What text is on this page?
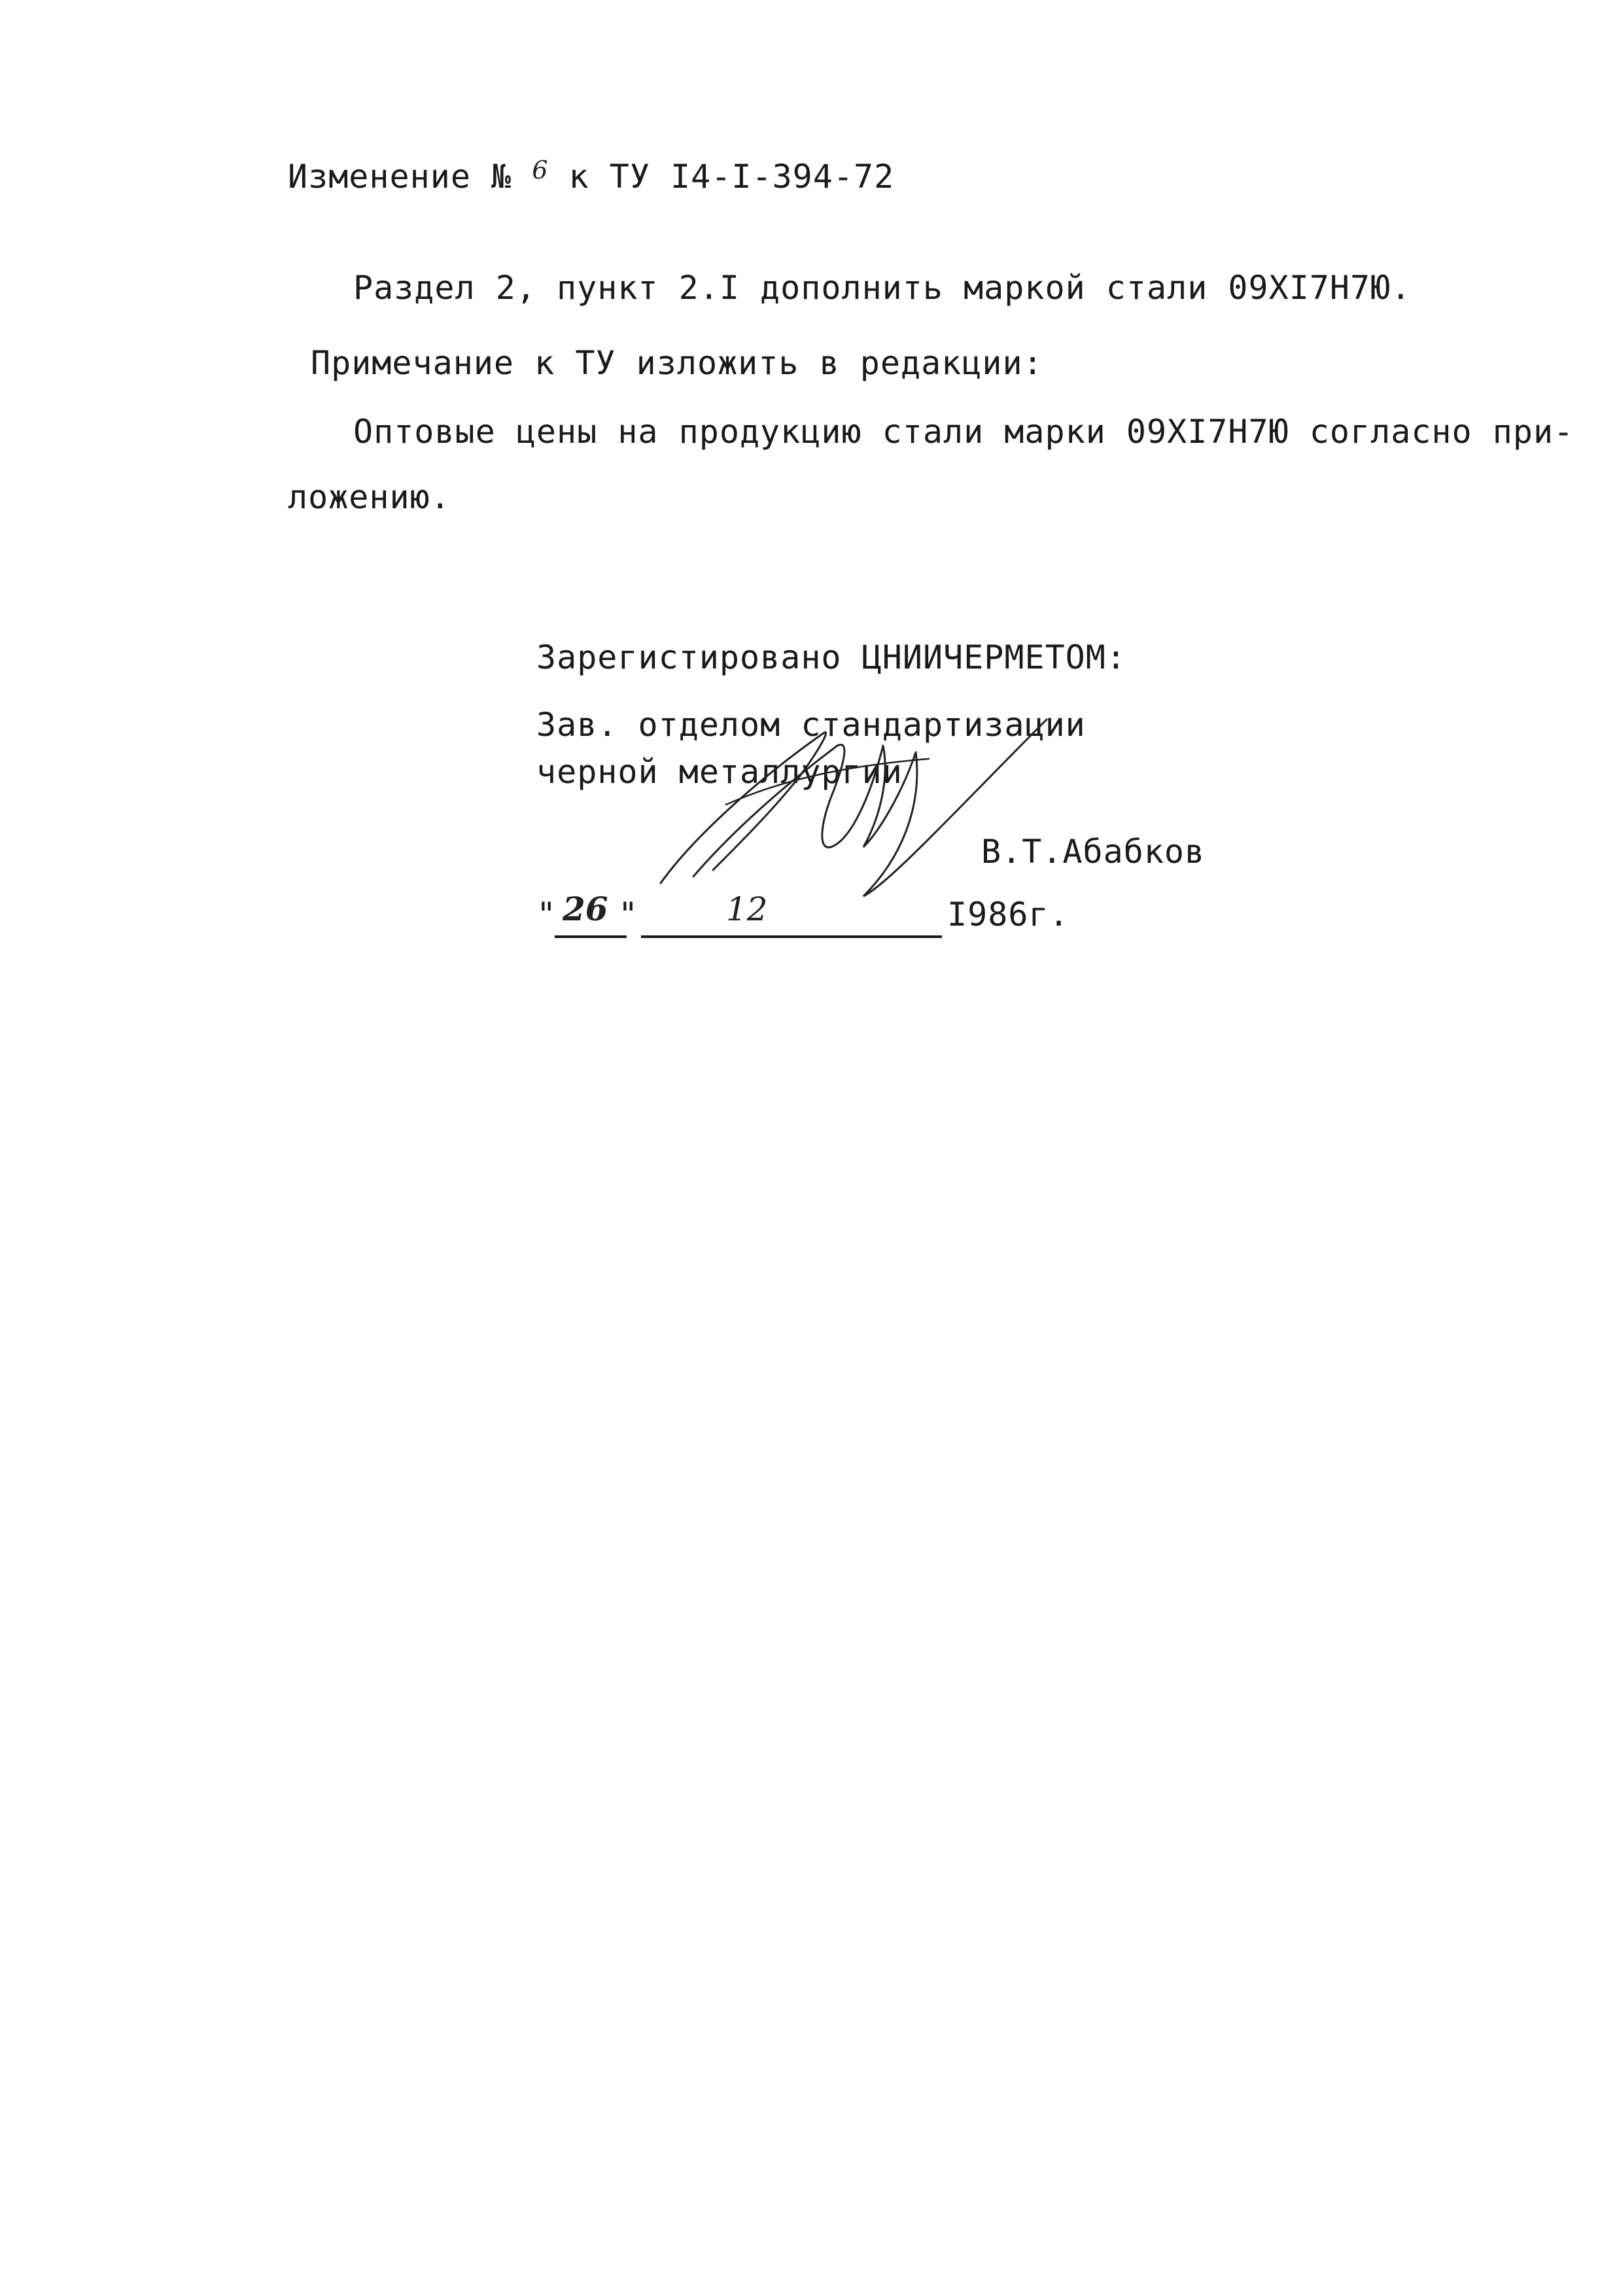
Изменение № $^6$ к ТУ I4-I-394-72
Раздел 2, пункт 2.I дополнить маркой стали 09XI7H7Ю.
Примечание к ТУ изложить в редакции:
Оптовые цены на продукцию стали марки 09XI7H7Ю согласно при-
ложению.
Зарегистировано ЦНИИЧЕРМЕТОМ:
Зав. отделом стандартизации
черной металлургии
В.Т.Абабков
" 26 "	12	I986г.
